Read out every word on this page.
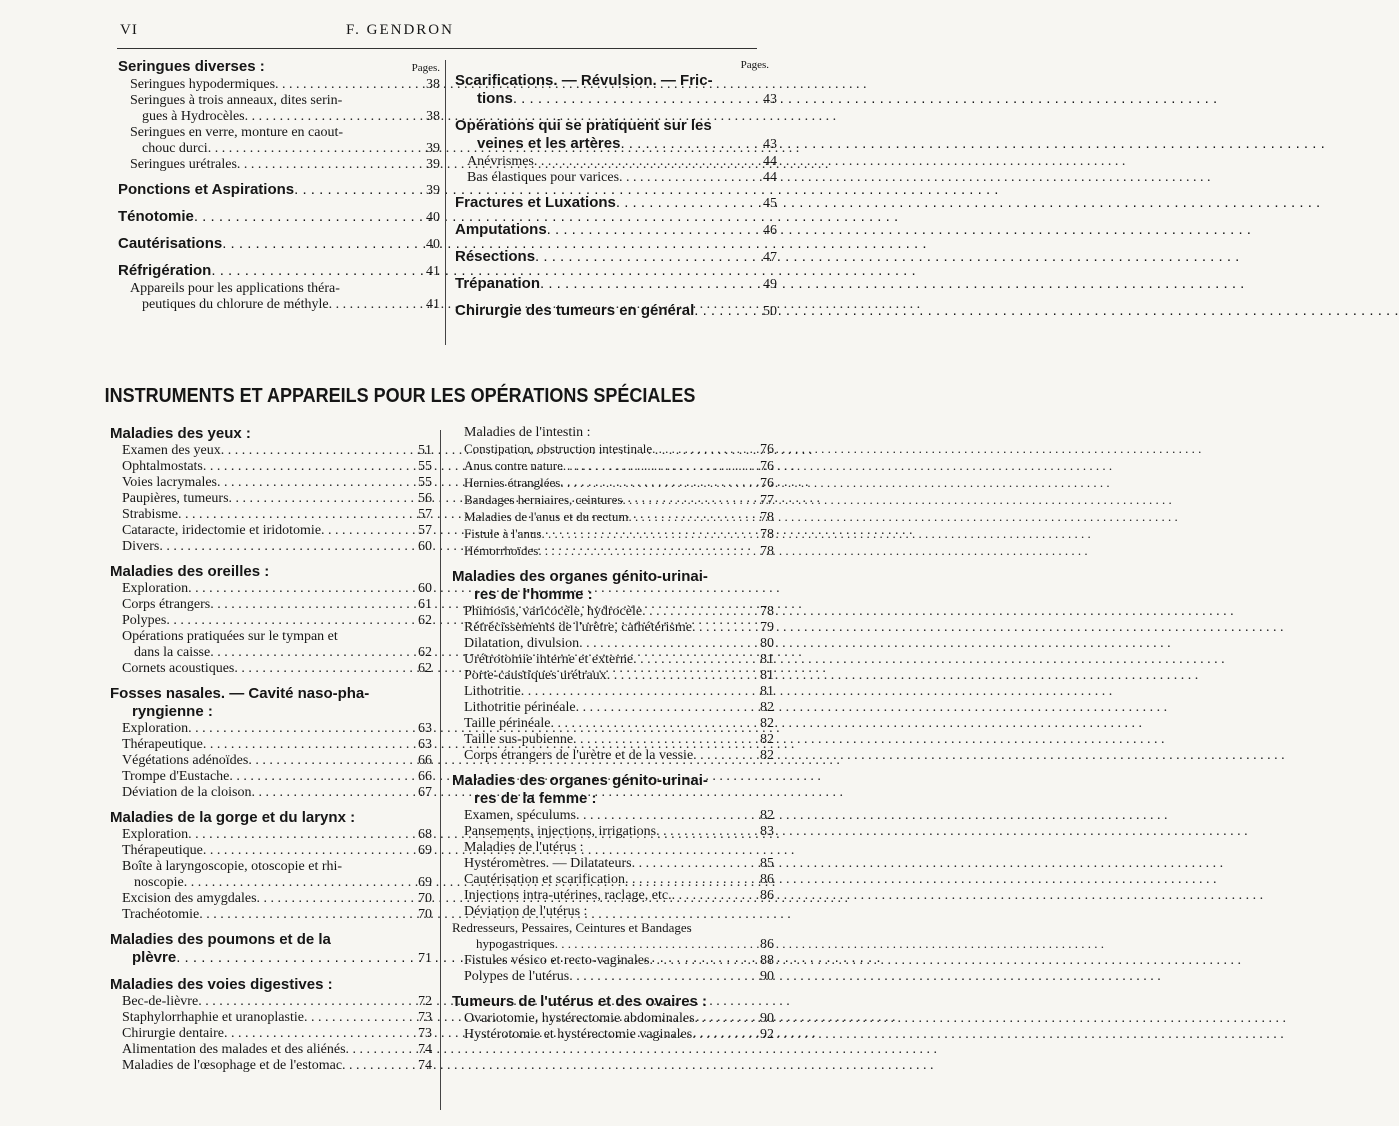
VI	F. GENDRON
Seringues diverses :	Pages.
Seringues hypodermiques . . .	38
Seringues à trois anneaux, dites serin-
gues à Hydrocèles . . .	38
Seringues en verre, monture en caout-
chouc durci . . .	39
Seringues urétrales . . .	39
Ponctions et Aspirations . . .	39
Ténotomie . . .	40
Cautérisations . . .	40
Réfrigération . . .	41
Appareils pour les applications théra-
peutiques du chlorure de méthyle . . .	41
Pages.
Scarifications. — Révulsion. — Fric-
tions . . .	43
Opérations qui se pratiquent sur les
veines et les artères . . .	43
Anévrismes . . .	44
Bas élastiques pour varices . . .	44
Fractures et Luxations . . .	45
Amputations . . .	46
Résections . . .	47
Trépanation . . .	49
Chirurgie des tumeurs en général . . .	50
INSTRUMENTS ET APPAREILS POUR LES OPÉRATIONS SPÉCIALES
Maladies des yeux :
Examen des yeux . . .	51
Ophtalmostats . . .	55
Voies lacrymales . . .	55
Paupières, tumeurs . . .	56
Strabisme . . .	57
Cataracte, iridectomie et iridotomie . . .	57
Divers . . .	60
Maladies des oreilles :
Exploration . . .	60
Corps étrangers . . .	61
Polypes . . .	62
Opérations pratiquées sur le tympan et
dans la caisse . . .	62
Cornets acoustiques . . .	62
Fosses nasales. — Cavité naso-pha-
ryngienne :
Exploration . . .	63
Thérapeutique . . .	63
Végétations adénoïdes . . .	66
Trompe d'Eustache . . .	66
Déviation de la cloison . . .	67
Maladies de la gorge et du larynx :
Exploration . . .	68
Thérapeutique . . .	69
Boîte à laryngoscopie, otoscopie et rhi-
noscopie . . .	69
Excision des amygdales . . .	70
Trachéotomie . . .	70
Maladies des poumons et de la
plèvre . . .	71
Maladies des voies digestives :
Bec-de-lièvre . . .	72
Staphylorrhaphie et uranoplastie . . .	73
Chirurgie dentaire . . .	73
Alimentation des malades et des aliénés . . .	74
Maladies de l'œsophage et de l'estomac . . .	74
Maladies de l'intestin :
Constipation, obstruction intestinale . . .	76
Anus contre nature . . .	76
Hernies étranglées . . .	76
Bandages herniaires, ceintures . . .	77
Maladies de l'anus et du rectum . . .	78
Fistule à l'anus . . .	78
Hémorrhoïdes . . .	78
Maladies des organes génito-urinai-
res de l'homme :
Phimosis, varicocèle, hydrocèle . . .	78
Rétrécissements de l'urètre, cathétérisme . . .	79
Dilatation, divulsion . . .	80
Urétrotomie interne et externe . . .	81
Porte-caustiques urétraux . . .	81
Lithotritie . . .	81
Lithotritie périnéale . . .	82
Taille périnéale . . .	82
Taille sus-pubienne . . .	82
Corps étrangers de l'urètre et de la vessie . . .	82
Maladies des organes génito-urinai-
res de la femme :
Examen, spéculums . . .	82
Pansements, injections, irrigations . . .	83
Maladies de l'utérus :
Hystéromètres. — Dilatateurs . . .	85
Cautérisation et scarification . . .	86
Injections intra-utérines, raclage, etc. . . .	86
Déviation de l'utérus :
Redresseurs, Pessaires, Ceintures et Bandages
hypogastriques . . .	86
Fistules vésico et recto-vaginales . . .	88
Polypes de l'utérus . . .	90
Tumeurs de l'utérus et des ovaires :
Ovariotomie, hystérectomie abdominales . . .	90
Hystérotomie et hystérectomie vaginales . . .	92
